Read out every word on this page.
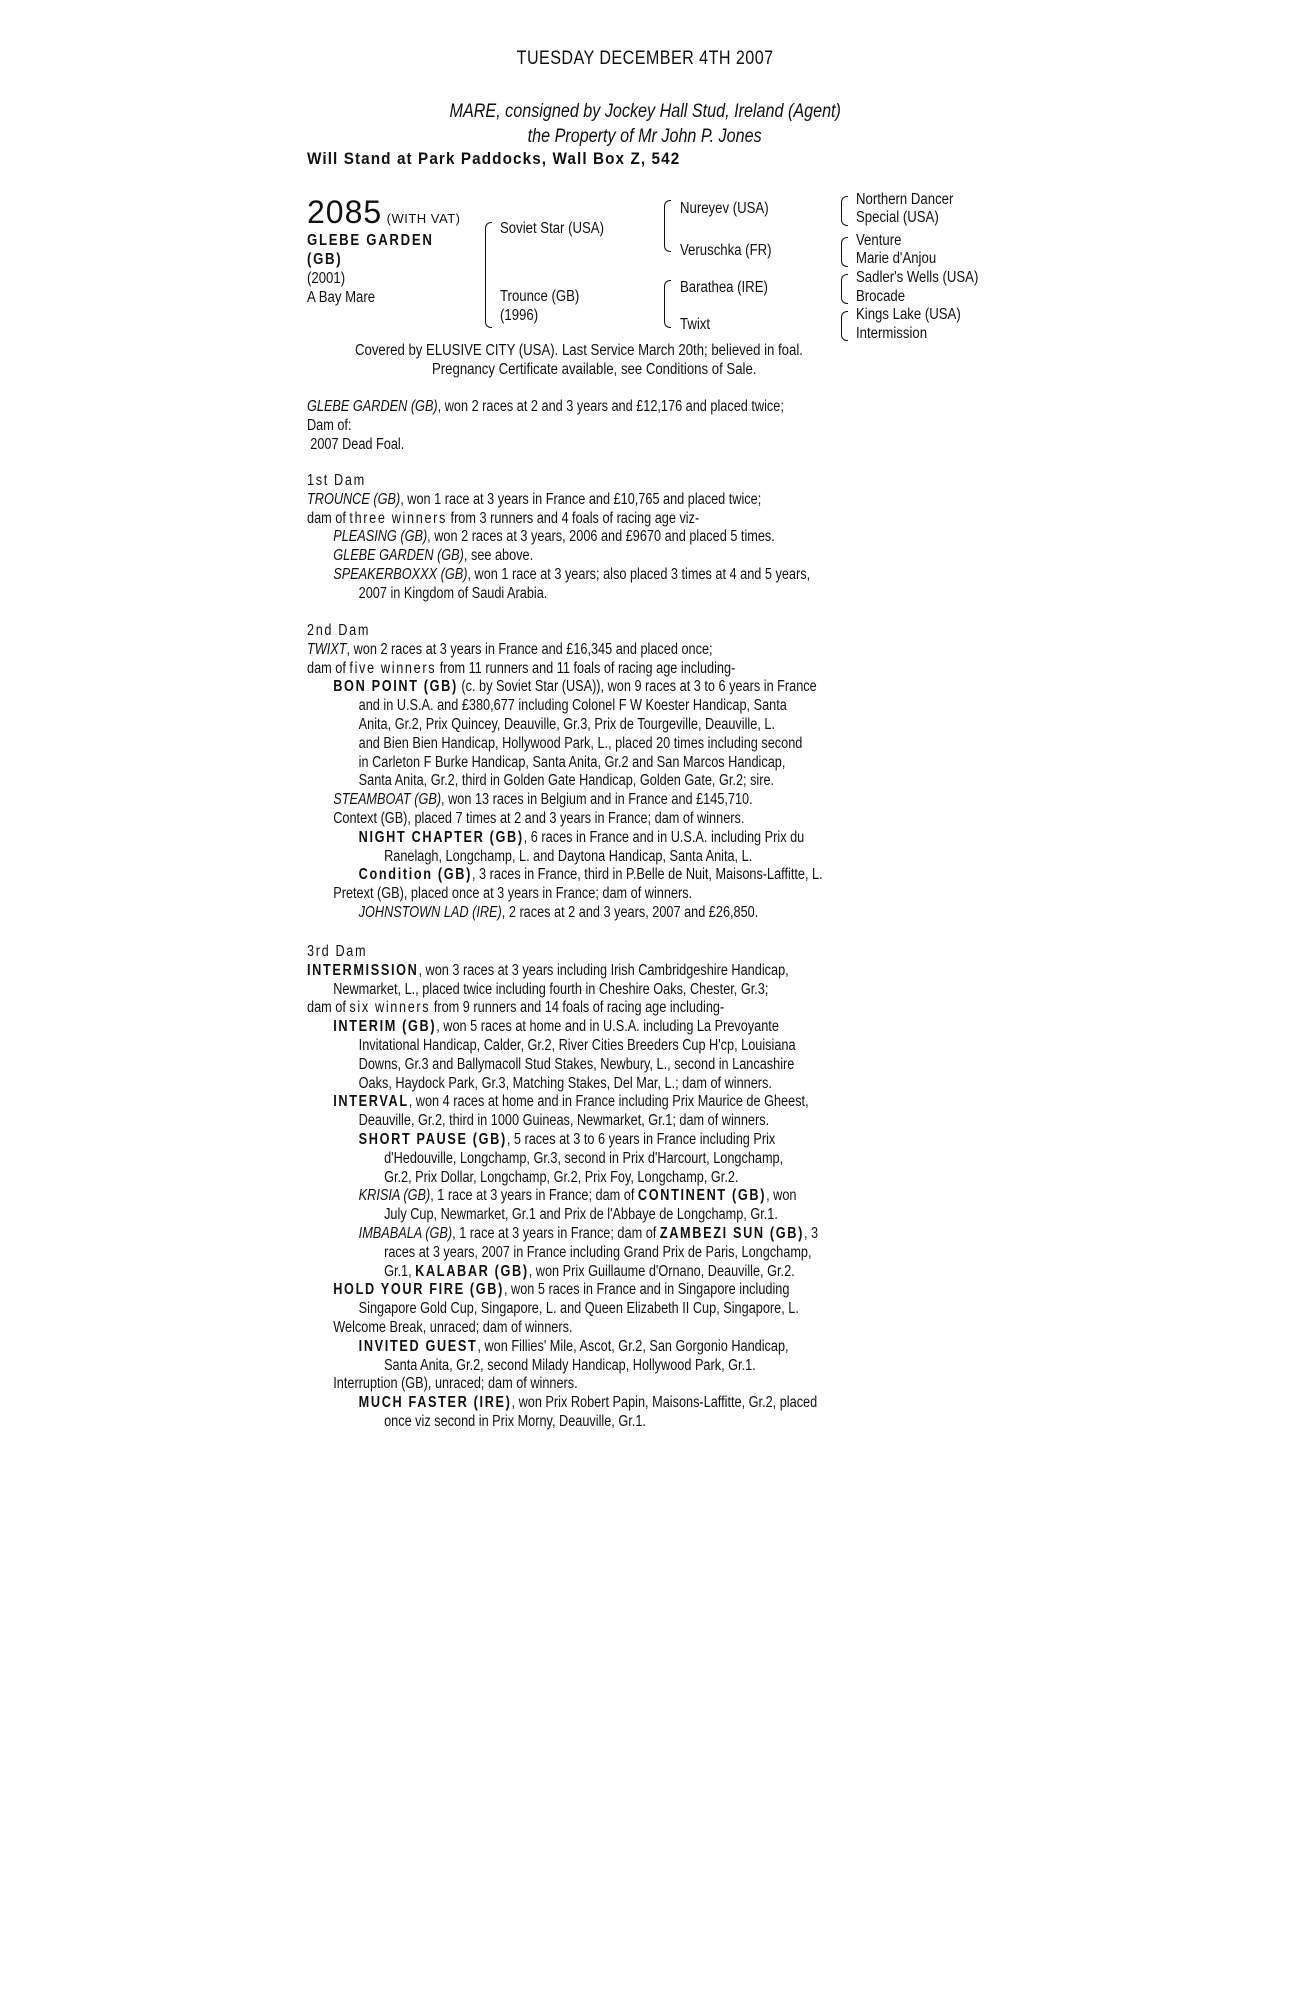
TUESDAY DECEMBER 4TH 2007
MARE, consigned by Jockey Hall Stud, Ireland (Agent)
the Property of Mr John P. Jones
Will Stand at Park Paddocks, Wall Box Z, 542
2085 (WITH VAT)
GLEBE GARDEN
(GB)
(2001)
A Bay Mare
Soviet Star (USA)
Trounce (GB)
(1996)
Nureyev (USA)
Veruschka (FR)
Barathea (IRE)
Twixt
Northern Dancer
Special (USA)
Venture
Marie d'Anjou
Sadler's Wells (USA)
Brocade
Kings Lake (USA)
Intermission
Covered by ELUSIVE CITY (USA). Last Service March 20th; believed in foal.
Pregnancy Certificate available, see Conditions of Sale.
GLEBE GARDEN (GB), won 2 races at 2 and 3 years and £12,176 and placed twice;
Dam of:
2007 Dead Foal.
1st Dam
TROUNCE (GB), won 1 race at 3 years in France and £10,765 and placed twice;
dam of three winners from 3 runners and 4 foals of racing age viz-
PLEASING (GB), won 2 races at 3 years, 2006 and £9670 and placed 5 times.
GLEBE GARDEN (GB), see above.
SPEAKERBOXXX (GB), won 1 race at 3 years; also placed 3 times at 4 and 5 years,
2007 in Kingdom of Saudi Arabia.
2nd Dam
TWIXT, won 2 races at 3 years in France and £16,345 and placed once;
dam of five winners from 11 runners and 11 foals of racing age including-
BON POINT (GB) (c. by Soviet Star (USA)), won 9 races at 3 to 6 years in France
and in U.S.A. and £380,677 including Colonel F W Koester Handicap, Santa
Anita, Gr.2, Prix Quincey, Deauville, Gr.3, Prix de Tourgeville, Deauville, L.
and Bien Bien Handicap, Hollywood Park, L., placed 20 times including second
in Carleton F Burke Handicap, Santa Anita, Gr.2 and San Marcos Handicap,
Santa Anita, Gr.2, third in Golden Gate Handicap, Golden Gate, Gr.2; sire.
STEAMBOAT (GB), won 13 races in Belgium and in France and £145,710.
Context (GB), placed 7 times at 2 and 3 years in France; dam of winners.
NIGHT CHAPTER (GB), 6 races in France and in U.S.A. including Prix du
Ranelagh, Longchamp, L. and Daytona Handicap, Santa Anita, L.
Condition (GB), 3 races in France, third in P.Belle de Nuit, Maisons-Laffitte, L.
Pretext (GB), placed once at 3 years in France; dam of winners.
JOHNSTOWN LAD (IRE), 2 races at 2 and 3 years, 2007 and £26,850.
3rd Dam
INTERMISSION, won 3 races at 3 years including Irish Cambridgeshire Handicap,
Newmarket, L., placed twice including fourth in Cheshire Oaks, Chester, Gr.3;
dam of six winners from 9 runners and 14 foals of racing age including-
INTERIM (GB), won 5 races at home and in U.S.A. including La Prevoyante
Invitational Handicap, Calder, Gr.2, River Cities Breeders Cup H'cp, Louisiana
Downs, Gr.3 and Ballymacoll Stud Stakes, Newbury, L., second in Lancashire
Oaks, Haydock Park, Gr.3, Matching Stakes, Del Mar, L.; dam of winners.
INTERVAL, won 4 races at home and in France including Prix Maurice de Gheest,
Deauville, Gr.2, third in 1000 Guineas, Newmarket, Gr.1; dam of winners.
SHORT PAUSE (GB), 5 races at 3 to 6 years in France including Prix
d'Hedouville, Longchamp, Gr.3, second in Prix d'Harcourt, Longchamp,
Gr.2, Prix Dollar, Longchamp, Gr.2, Prix Foy, Longchamp, Gr.2.
KRISIA (GB), 1 race at 3 years in France; dam of CONTINENT (GB), won
July Cup, Newmarket, Gr.1 and Prix de l'Abbaye de Longchamp, Gr.1.
IMBABALA (GB), 1 race at 3 years in France; dam of ZAMBEZI SUN (GB), 3
races at 3 years, 2007 in France including Grand Prix de Paris, Longchamp,
Gr.1, KALABAR (GB), won Prix Guillaume d'Ornano, Deauville, Gr.2.
HOLD YOUR FIRE (GB), won 5 races in France and in Singapore including
Singapore Gold Cup, Singapore, L. and Queen Elizabeth II Cup, Singapore, L.
Welcome Break, unraced; dam of winners.
INVITED GUEST, won Fillies' Mile, Ascot, Gr.2, San Gorgonio Handicap,
Santa Anita, Gr.2, second Milady Handicap, Hollywood Park, Gr.1.
Interruption (GB), unraced; dam of winners.
MUCH FASTER (IRE), won Prix Robert Papin, Maisons-Laffitte, Gr.2, placed
once viz second in Prix Morny, Deauville, Gr.1.
